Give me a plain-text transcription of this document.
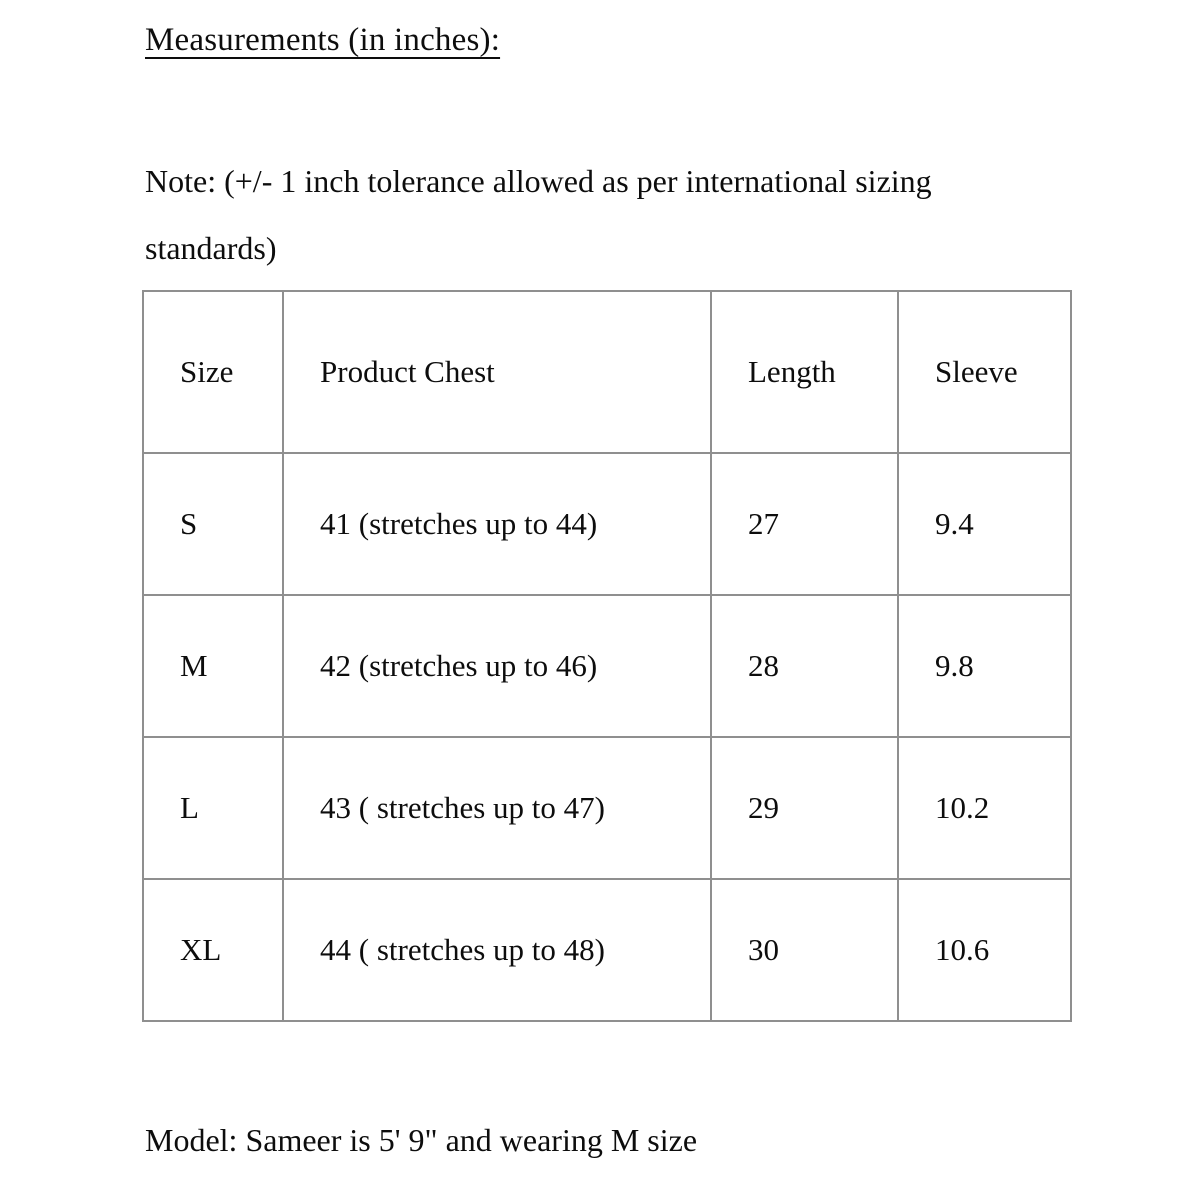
Measurements (in inches):
Note: (+/- 1 inch tolerance allowed as per international sizing
standards)
Size	Product Chest	Length	Sleeve
S	41 (stretches up to 44)	27	9.4
M	42 (stretches up to 46)	28	9.8
L	43 ( stretches up to 47)	29	10.2
XL	44 ( stretches up to 48)	30	10.6
Model: Sameer is 5' 9" and wearing M size
